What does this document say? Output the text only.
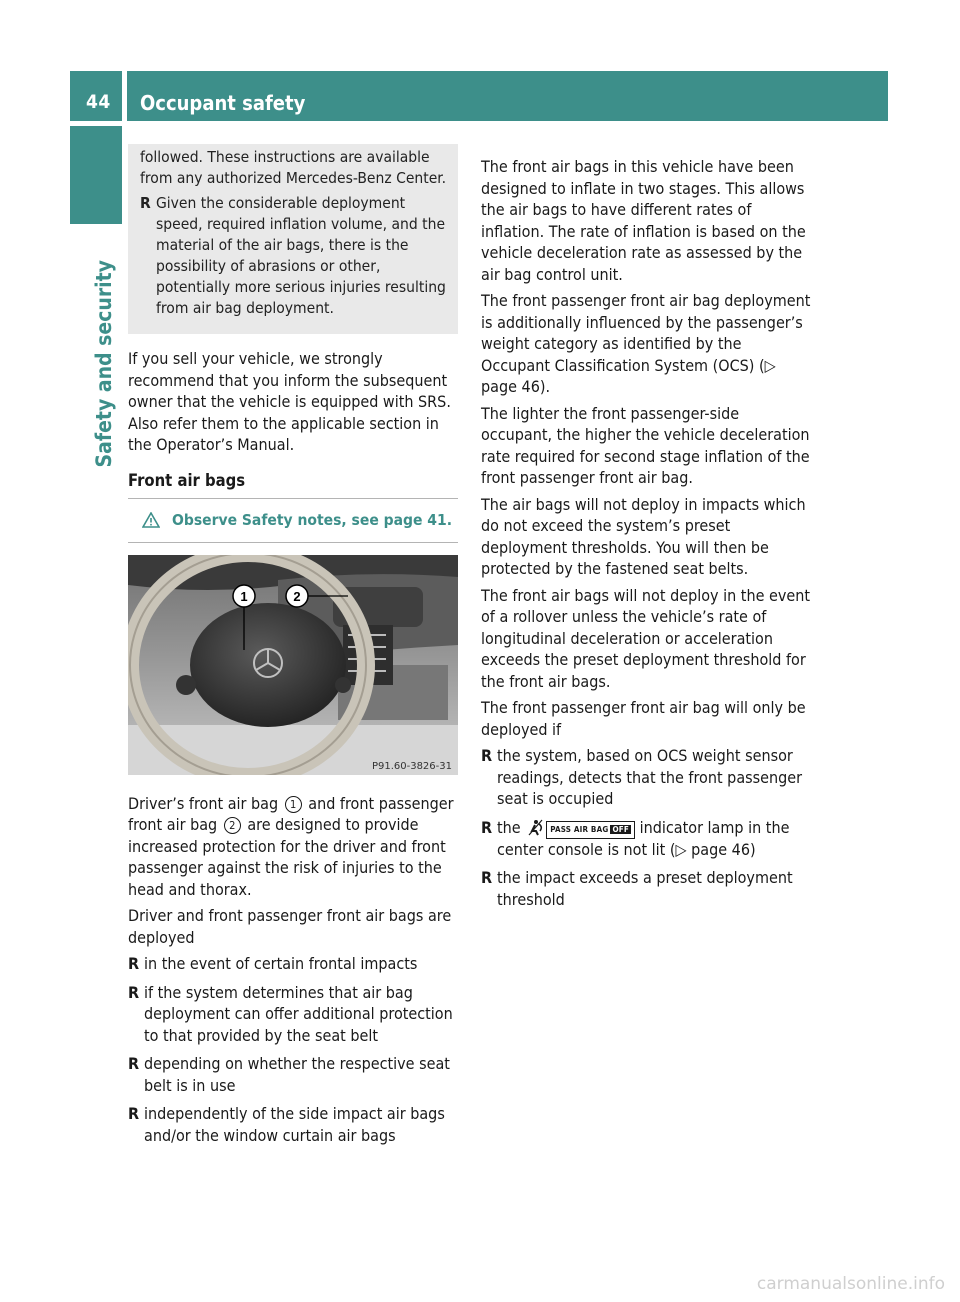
44 Occupant safety
Safety and security

followed. These instructions are available from any authorized Mercedes-Benz Center.

R Given the considerable deployment speed, required inflation volume, and the material of the air bags, there is the possibility of abrasions or other, potentially more serious injuries resulting from air bag deployment.

If you sell your vehicle, we strongly recommend that you inform the subsequent owner that the vehicle is equipped with SRS. Also refer them to the applicable section in the Operator’s Manual.

Front air bags
Observe Safety notes, see page 41.
1	2
P91.60-3826-31

Driver’s front air bag 1 and front passenger front air bag 2 are designed to provide increased protection for the driver and front passenger against the risk of injuries to the head and thorax.

Driver and front passenger front air bags are deployed

R in the event of certain frontal impacts

R if the system determines that air bag deployment can offer additional protection to that provided by the seat belt

R depending on whether the respective seat belt is in use

R independently of the side impact air bags and/or the window curtain air bags

The front air bags in this vehicle have been designed to inflate in two stages. This allows the air bags to have different rates of inflation. The rate of inflation is based on the vehicle deceleration rate as assessed by the air bag control unit.

The front passenger front air bag deployment is additionally influenced by the passenger’s weight category as identified by the Occupant Classification System (OCS) (▷ page 46).

The lighter the front passenger-side occupant, the higher the vehicle deceleration rate required for second stage inflation of the front passenger front air bag.

The air bags will not deploy in impacts which do not exceed the system’s preset deployment thresholds. You will then be protected by the fastened seat belts.

The front air bags will not deploy in the event of a rollover unless the vehicle’s rate of longitudinal deceleration or acceleration exceeds the preset deployment threshold for the front air bags.

The front passenger front air bag will only be deployed if

R the system, based on OCS weight sensor readings, detects that the front passenger seat is occupied

R the	PASS AIR BAG OFF indicator lamp in the center console is not lit (▷ page 46)

R the impact exceeds a preset deployment threshold

carmanualsonline.info
